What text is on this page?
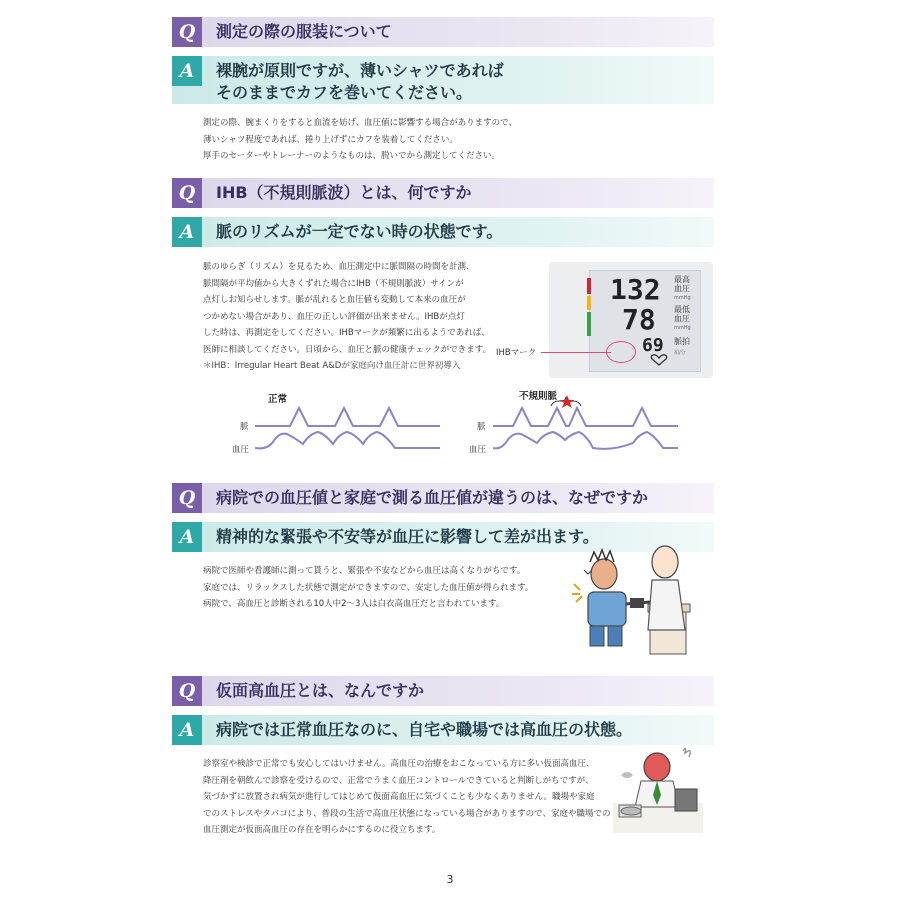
Q	測定の際の服装について
A	裸腕が原則ですが、薄いシャツであれば
そのままでカフを巻いてください。
測定の際、腕まくりをすると血流を妨げ、血圧値に影響する場合がありますので、
薄いシャツ程度であれば、捲り上げずにカフを装着してください。
厚手のセーターやトレーナーのようなものは、脱いでから測定してください。
Q	IHB（不規則脈波）とは、何ですか
A	脈のリズムが一定でない時の状態です。
脈のゆらぎ（リズム）を見るため、血圧測定中に脈間隔の時間を計測、
脈間隔が平均値から大きくずれた場合にIHB（不規則脈波）サインが
点灯しお知らせします。脈が乱れると血圧値も変動して本来の血圧が
つかめない場合があり、血圧の正しい評価が出来ません。IHBが点灯
した時は、再測定をしてください。IHBマークが頻繁に出るようであれば、
医師に相談してください。日頃から、血圧と脈の健康チェックができます。
＊IHB：Irregular Heart Beat A&Dが家庭向け血圧計に世界初導入
132 最高
血圧
mmHg
78 最低
血圧
mmHg
69 脈拍
拍/分
IHBマーク
正常	不規則脈
脈
血圧
脈
血圧
Q	病院での血圧値と家庭で測る血圧値が違うのは、なぜですか
A	精神的な緊張や不安等が血圧に影響して差が出ます。
病院で医師や看護師に測って貰うと、緊張や不安などから血圧は高くなりがちです。
家庭では、リラックスした状態で測定ができますので、安定した血圧値が得られます。
病院で、高血圧と診断される10人中2〜3人は白衣高血圧だと言われています。
Q	仮面高血圧とは、なんですか
A	病院では正常血圧なのに、自宅や職場では高血圧の状態。
診察室や検診で正常でも安心してはいけません。高血圧の治療をおこなっている方に多い仮面高血圧、
降圧剤を朝飲んで診察を受けるので、正常でうまく血圧コントロールできていると判断しがちですが、
気づかずに放置され病気が進行してはじめて仮面高血圧に気づくことも少なくありません。職場や家庭
でのストレスやタバコにより、普段の生活で高血圧状態になっている場合がありますので、家庭や職場での
血圧測定が仮面高血圧の存在を明らかにするのに役立ちます。
3
